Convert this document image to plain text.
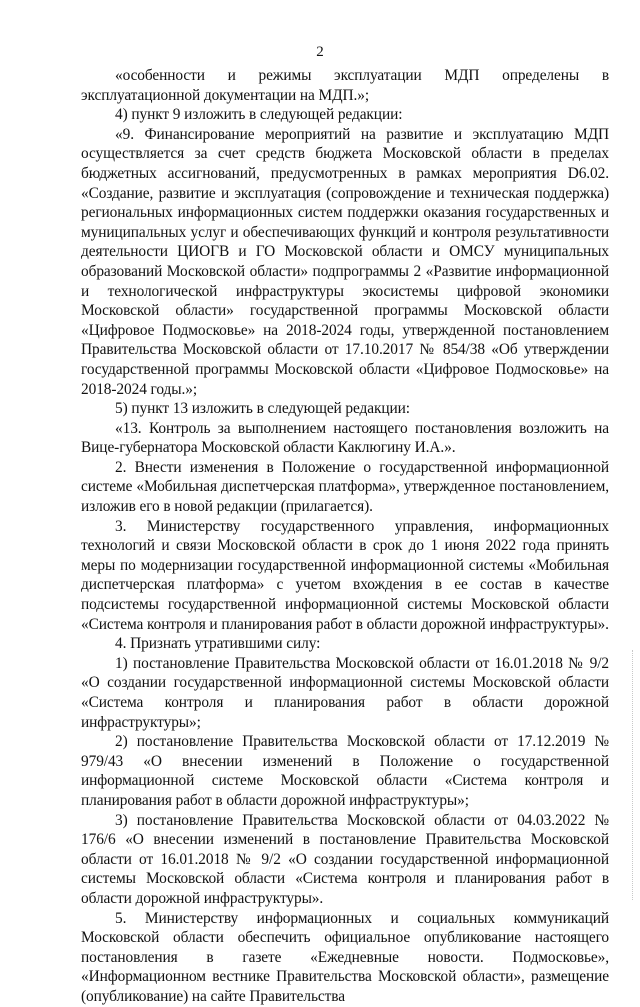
2

«особенности и режимы эксплуатации МДП определены в эксплуатационной документации на МДП.»;

4) пункт 9 изложить в следующей редакции:

«9. Финансирование мероприятий на развитие и эксплуатацию МДП осуществляется за счет средств бюджета Московской области в пределах бюджетных ассигнований, предусмотренных в рамках мероприятия D6.02. «Создание, развитие и эксплуатация (сопровождение и техническая поддержка) региональных информационных систем поддержки оказания государственных и муниципальных услуг и обеспечивающих функций и контроля результативности деятельности ЦИОГВ и ГО Московской области и ОМСУ муниципальных образований Московской области» подпрограммы 2 «Развитие информационной и технологической инфраструктуры экосистемы цифровой экономики Московской области» государственной программы Московской области «Цифровое Подмосковье» на 2018-2024 годы, утвержденной постановлением Правительства Московской области от 17.10.2017 № 854/38 «Об утверждении государственной программы Московской области «Цифровое Подмосковье» на 2018-2024 годы.»;

5) пункт 13 изложить в следующей редакции:

«13. Контроль за выполнением настоящего постановления возложить на Вице-губернатора Московской области Каклюгину И.А.».

2. Внести изменения в Положение о государственной информационной системе «Мобильная диспетчерская платформа», утвержденное постановлением, изложив его в новой редакции (прилагается).

3. Министерству государственного управления, информационных технологий и связи Московской области в срок до 1 июня 2022 года принять меры по модернизации государственной информационной системы «Мобильная диспетчерская платформа» с учетом вхождения в ее состав в качестве подсистемы государственной информационной системы Московской области «Система контроля и планирования работ в области дорожной инфраструктуры».

4. Признать утратившими силу:

1) постановление Правительства Московской области от 16.01.2018 № 9/2 «О создании государственной информационной системы Московской области «Система контроля и планирования работ в области дорожной инфраструктуры»;

2) постановление Правительства Московской области от 17.12.2019 № 979/43 «О внесении изменений в Положение о государственной информационной системе Московской области «Система контроля и планирования работ в области дорожной инфраструктуры»;

3) постановление Правительства Московской области от 04.03.2022 № 176/6 «О внесении изменений в постановление Правительства Московской области от 16.01.2018 № 9/2 «О создании государственной информационной системы Московской области «Система контроля и планирования работ в области дорожной инфраструктуры».

5. Министерству информационных и социальных коммуникаций Московской области обеспечить официальное опубликование настоящего постановления в газете «Ежедневные новости. Подмосковье», «Информационном вестнике Правительства Московской области», размещение (опубликование) на сайте Правительства
